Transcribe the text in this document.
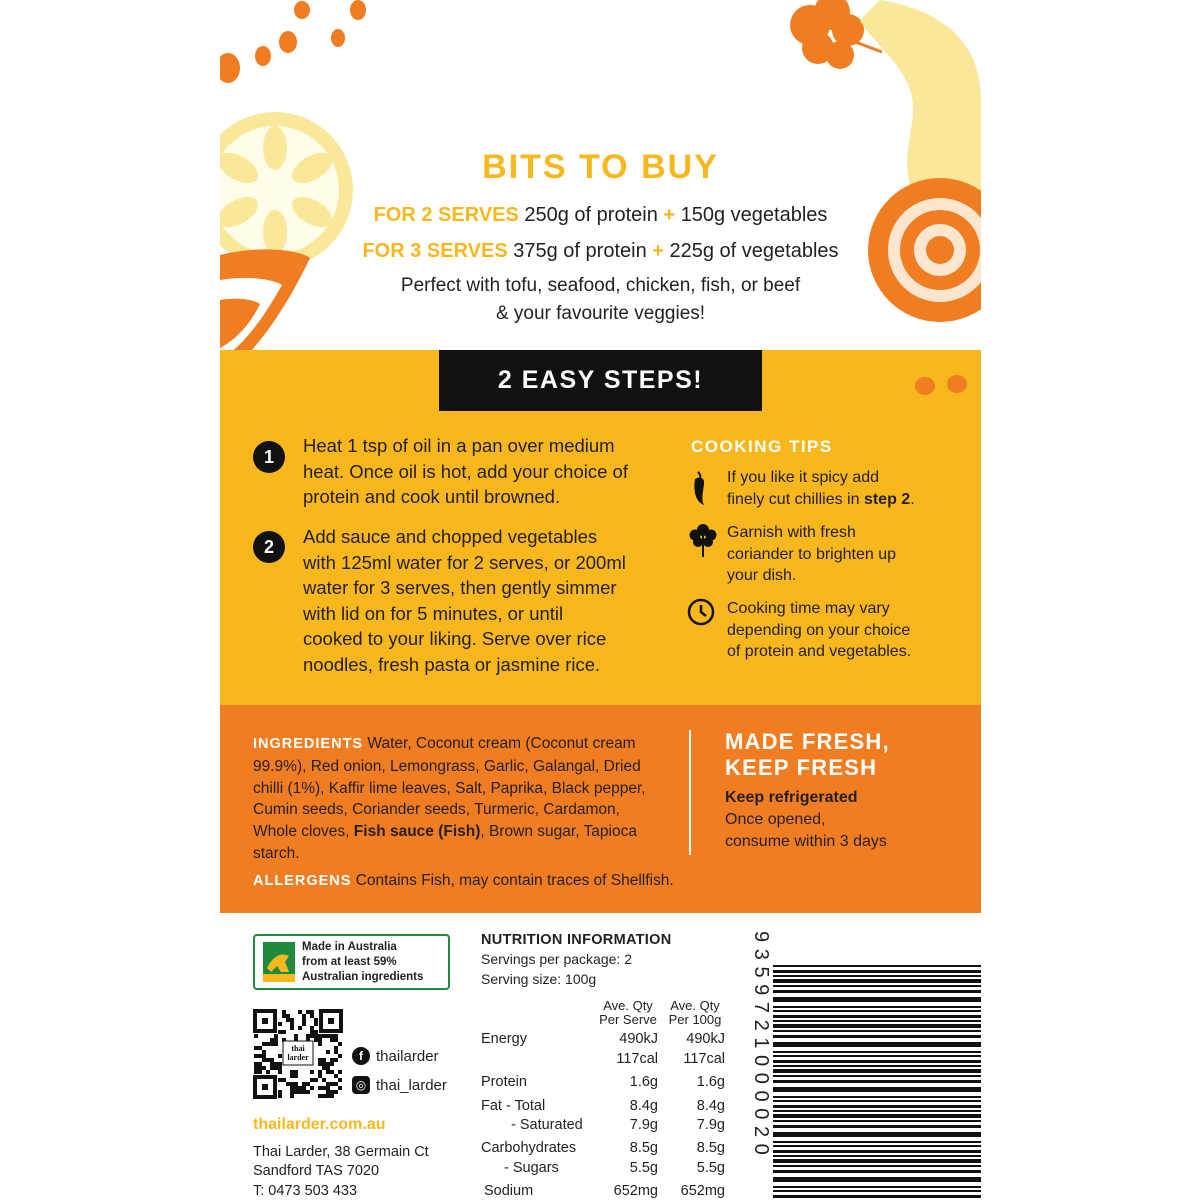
BITS TO BUY
FOR 2 SERVES 250g of protein + 150g vegetables
FOR 3 SERVES 375g of protein + 225g of vegetables
Perfect with tofu, seafood, chicken, fish, or beef
& your favourite veggies!
2 EASY STEPS!
1
Heat 1 tsp of oil in a pan over medium
heat. Once oil is hot, add your choice of
protein and cook until browned.
2	Add sauce and chopped vegetables
with 125ml water for 2 serves, or 200ml
water for 3 serves, then gently simmer
with lid on for 5 minutes, or until
cooked to your liking. Serve over rice
noodles, fresh pasta or jasmine rice.
COOKING TIPS
If you like it spicy add
finely cut chillies in step 2.
Garnish with fresh
coriander to brighten up
your dish.
Cooking time may vary
depending on your choice
of protein and vegetables.
INGREDIENTS Water, Coconut cream (Coconut cream 99.9%), Red onion, Lemongrass, Garlic, Galangal, Dried chilli (1%), Kaffir lime leaves, Salt, Paprika, Black pepper, Cumin seeds, Coriander seeds, Turmeric, Cardamon, Whole cloves, Fish sauce (Fish), Brown sugar, Tapioca starch.
ALLERGENS Contains Fish, may contain traces of Shellfish.
MADE FRESH,
KEEP FRESH
Keep refrigerated
Once opened,
consume within 3 days
Made in Australia
from at least 59%
Australian ingredients
thai
larder	f thailarder
◎ thai_larder
thailarder.com.au
Thai Larder, 38 Germain Ct
Sandford TAS 7020
T: 0473 503 433
NUTRITION INFORMATION
Servings per package: 2
Serving size: 100g
Ave. Qty
Per Serve
Ave. Qty
Per 100g
Energy	490kJ	490kJ
117cal	117cal
Protein	1.6g	1.6g
Fat - Total	8.4g	8.4g
- Saturated	7.9g	7.9g
Carbohydrates	8.5g	8.5g
- Sugars	5.5g	5.5g
Sodium	652mg	652mg
9359721000020
